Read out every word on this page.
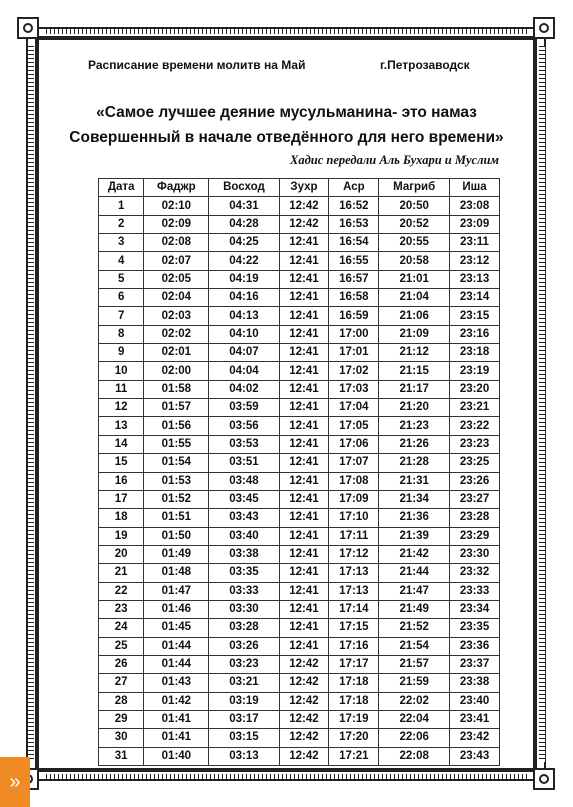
Расписание времени молитв на Май	г.Петрозаводск
«Самое лучшее деяние мусульманина- это намаз
Совершенный в начале отведённого для него времени»
Хадис передали Аль Бухари и Муслим
Дата	Фаджр	Восход	Зухр	Аср	Магриб	Иша
1	02:10	04:31	12:42	16:52	20:50	23:08
2	02:09	04:28	12:42	16:53	20:52	23:09
3	02:08	04:25	12:41	16:54	20:55	23:11
4	02:07	04:22	12:41	16:55	20:58	23:12
5	02:05	04:19	12:41	16:57	21:01	23:13
6	02:04	04:16	12:41	16:58	21:04	23:14
7	02:03	04:13	12:41	16:59	21:06	23:15
8	02:02	04:10	12:41	17:00	21:09	23:16
9	02:01	04:07	12:41	17:01	21:12	23:18
10	02:00	04:04	12:41	17:02	21:15	23:19
11	01:58	04:02	12:41	17:03	21:17	23:20
12	01:57	03:59	12:41	17:04	21:20	23:21
13	01:56	03:56	12:41	17:05	21:23	23:22
14	01:55	03:53	12:41	17:06	21:26	23:23
15	01:54	03:51	12:41	17:07	21:28	23:25
16	01:53	03:48	12:41	17:08	21:31	23:26
17	01:52	03:45	12:41	17:09	21:34	23:27
18	01:51	03:43	12:41	17:10	21:36	23:28
19	01:50	03:40	12:41	17:11	21:39	23:29
20	01:49	03:38	12:41	17:12	21:42	23:30
21	01:48	03:35	12:41	17:13	21:44	23:32
22	01:47	03:33	12:41	17:13	21:47	23:33
23	01:46	03:30	12:41	17:14	21:49	23:34
24	01:45	03:28	12:41	17:15	21:52	23:35
25	01:44	03:26	12:41	17:16	21:54	23:36
26	01:44	03:23	12:42	17:17	21:57	23:37
27	01:43	03:21	12:42	17:18	21:59	23:38
28	01:42	03:19	12:42	17:18	22:02	23:40
29	01:41	03:17	12:42	17:19	22:04	23:41
30	01:41	03:15	12:42	17:20	22:06	23:42
31	01:40	03:13	12:42	17:21	22:08	23:43
»
